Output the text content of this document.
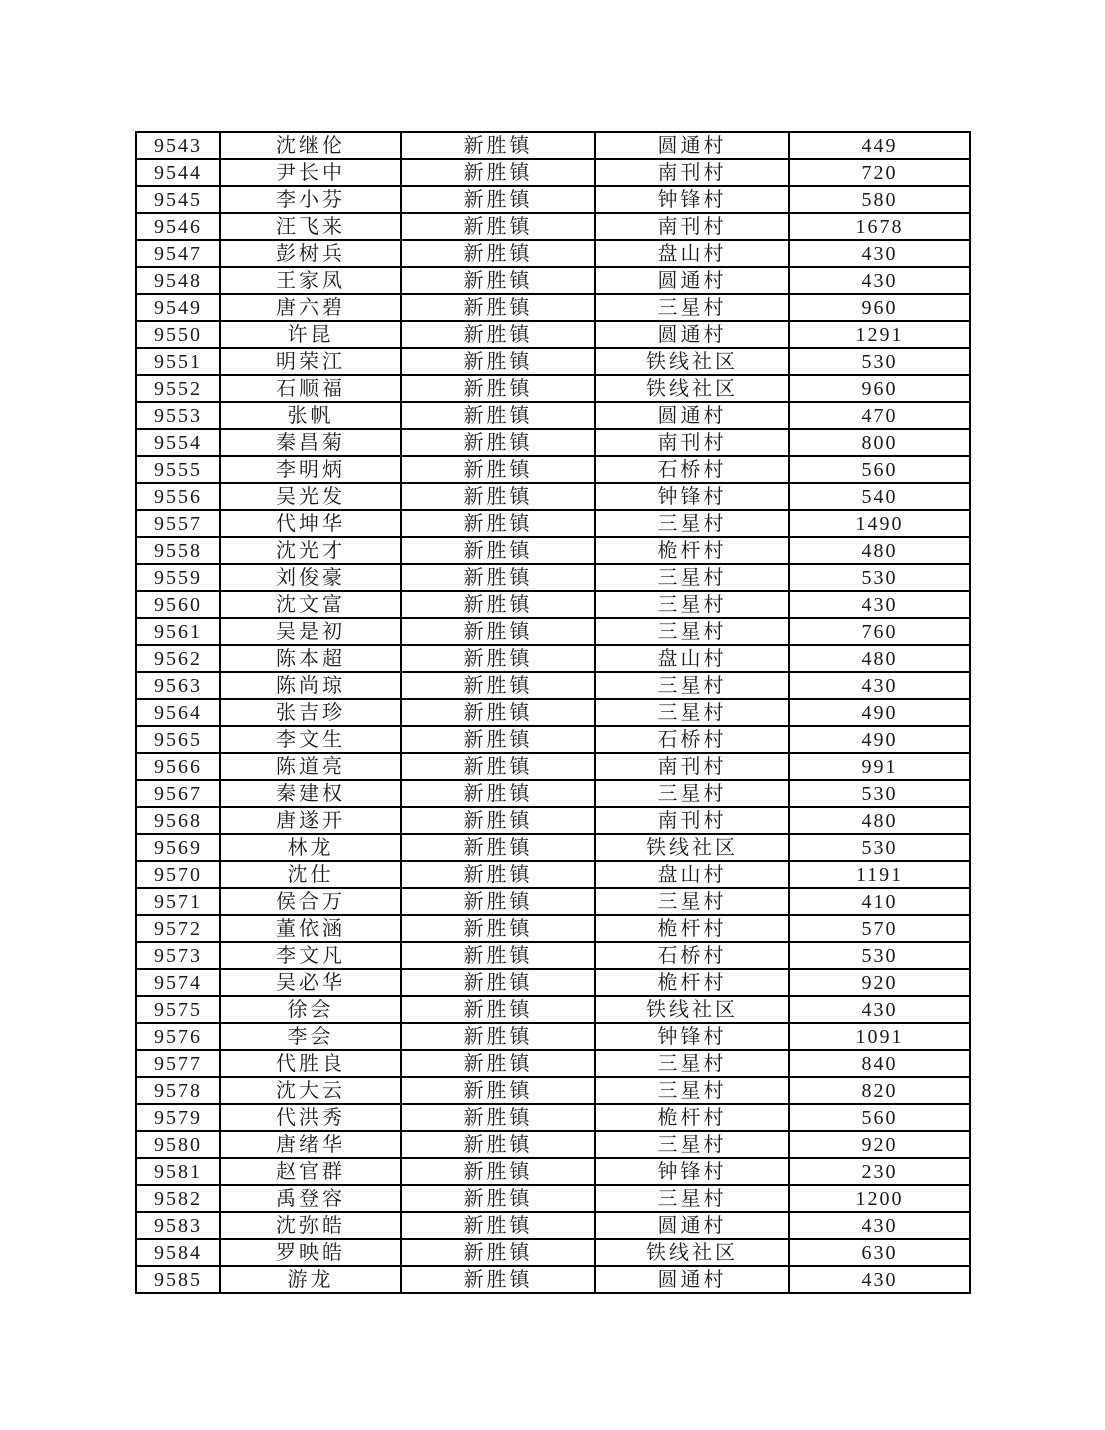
9543	沈继伦	新胜镇	圆通村	449
9544	尹长中	新胜镇	南刊村	720
9545	李小芬	新胜镇	钟锋村	580
9546	汪飞来	新胜镇	南刊村	1678
9547	彭树兵	新胜镇	盘山村	430
9548	王家凤	新胜镇	圆通村	430
9549	唐六碧	新胜镇	三星村	960
9550	许昆	新胜镇	圆通村	1291
9551	明荣江	新胜镇	铁线社区	530
9552	石顺福	新胜镇	铁线社区	960
9553	张帆	新胜镇	圆通村	470
9554	秦昌菊	新胜镇	南刊村	800
9555	李明炳	新胜镇	石桥村	560
9556	吴光发	新胜镇	钟锋村	540
9557	代坤华	新胜镇	三星村	1490
9558	沈光才	新胜镇	桅杆村	480
9559	刘俊豪	新胜镇	三星村	530
9560	沈文富	新胜镇	三星村	430
9561	吴是初	新胜镇	三星村	760
9562	陈本超	新胜镇	盘山村	480
9563	陈尚琼	新胜镇	三星村	430
9564	张吉珍	新胜镇	三星村	490
9565	李文生	新胜镇	石桥村	490
9566	陈道亮	新胜镇	南刊村	991
9567	秦建权	新胜镇	三星村	530
9568	唐遂开	新胜镇	南刊村	480
9569	林龙	新胜镇	铁线社区	530
9570	沈仕	新胜镇	盘山村	1191
9571	侯合万	新胜镇	三星村	410
9572	董依涵	新胜镇	桅杆村	570
9573	李文凡	新胜镇	石桥村	530
9574	吴必华	新胜镇	桅杆村	920
9575	徐会	新胜镇	铁线社区	430
9576	李会	新胜镇	钟锋村	1091
9577	代胜良	新胜镇	三星村	840
9578	沈大云	新胜镇	三星村	820
9579	代洪秀	新胜镇	桅杆村	560
9580	唐绪华	新胜镇	三星村	920
9581	赵官群	新胜镇	钟锋村	230
9582	禹登容	新胜镇	三星村	1200
9583	沈弥皓	新胜镇	圆通村	430
9584	罗映皓	新胜镇	铁线社区	630
9585	游龙	新胜镇	圆通村	430
